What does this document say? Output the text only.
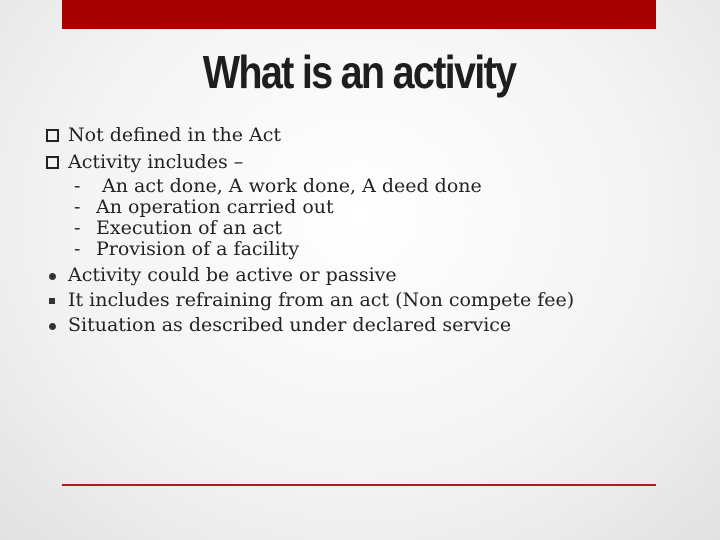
What is an activity
Not defined in the Act
Activity includes –
- An act done, A work done, A deed done
- An operation carried out
- Execution of an act
- Provision of a facility
Activity could be active or passive
It includes refraining from an act (Non compete fee)
Situation as described under declared service
